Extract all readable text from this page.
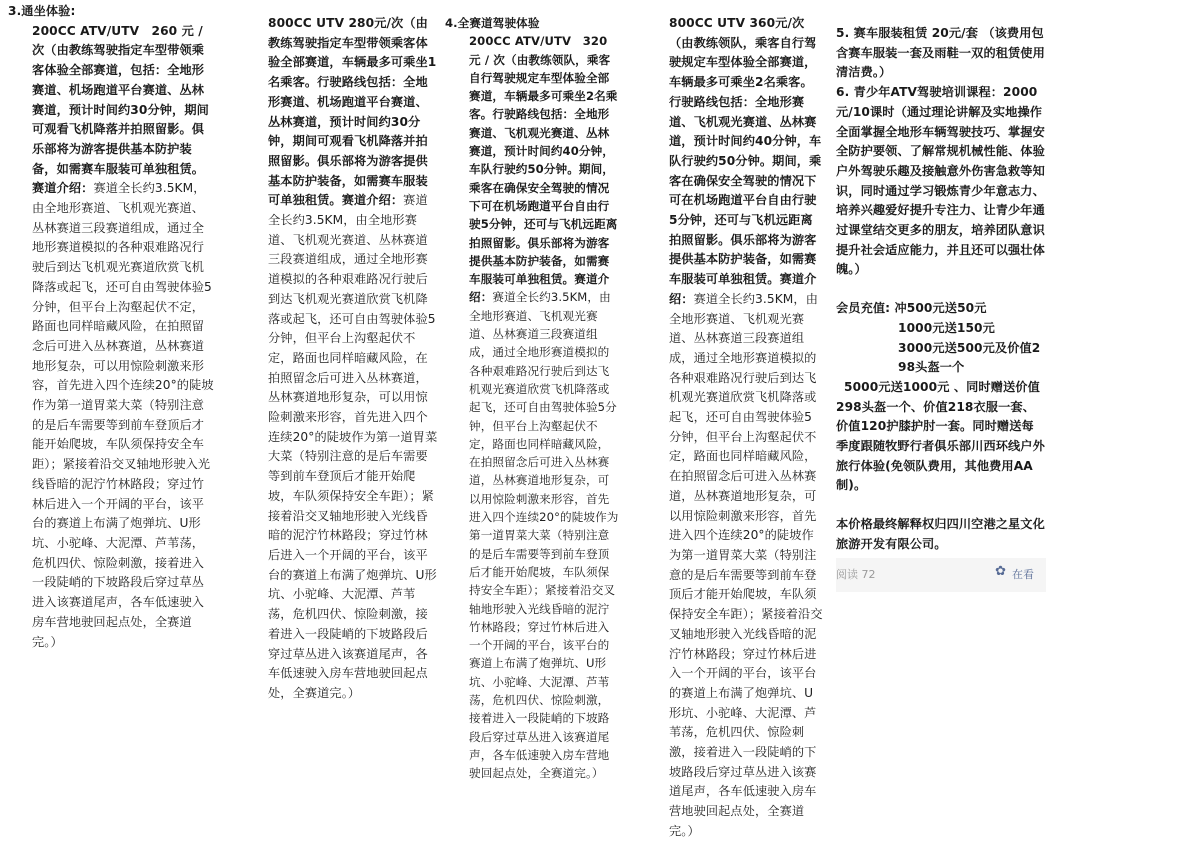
3.通坐体验:

200CC ATV/UTV　260 元 / 次（由教练驾驶指定车型带领乘客体验全部赛道，包括：全地形赛道、机场跑道平台赛道、丛林赛道，预计时间约30分钟，期间可观看飞机降落并拍照留影。俱乐部将为游客提供基本防护装备，如需赛车服装可单独租赁。赛道介绍：赛道全长约3.5KM，由全地形赛道、飞机观光赛道、丛林赛道三段赛道组成，通过全地形赛道模拟的各种艰难路况行驶后到达飞机观光赛道欣赏飞机降落或起飞，还可自由驾驶体验5分钟，但平台上沟壑起伏不定，路面也同样暗藏风险，在拍照留念后可进入丛林赛道，丛林赛道地形复杂，可以用惊险刺激来形容，首先进入四个连续20°的陡坡作为第一道胃菜大菜（特别注意的是后车需要等到前车登顶后才能开始爬坡，车队须保持安全车距）；紧接着沿交叉轴地形驶入光线昏暗的泥泞竹林路段；穿过竹林后进入一个开阔的平台，该平台的赛道上布满了炮弹坑、U形坑、小驼峰、大泥潭、芦苇荡，危机四伏、惊险刺激，接着进入一段陡峭的下坡路段后穿过草丛进入该赛道尾声，各车低速驶入房车营地驶回起点处，全赛道完。）

800CC UTV 280元/次（由教练驾驶指定车型带领乘客体验全部赛道，车辆最多可乘坐1名乘客。行驶路线包括：全地形赛道、机场跑道平台赛道、丛林赛道，预计时间约30分钟，期间可观看飞机降落并拍照留影。俱乐部将为游客提供基本防护装备，如需赛车服装可单独租赁。赛道介绍：赛道全长约3.5KM，由全地形赛道、飞机观光赛道、丛林赛道三段赛道组成，通过全地形赛道模拟的各种艰难路况行驶后到达飞机观光赛道欣赏飞机降落或起飞，还可自由驾驶体验5分钟，但平台上沟壑起伏不定，路面也同样暗藏风险，在拍照留念后可进入丛林赛道，丛林赛道地形复杂，可以用惊险刺激来形容，首先进入四个连续20°的陡坡作为第一道胃菜大菜（特别注意的是后车需要等到前车登顶后才能开始爬坡，车队须保持安全车距）；紧接着沿交叉轴地形驶入光线昏暗的泥泞竹林路段；穿过竹林后进入一个开阔的平台，该平台的赛道上布满了炮弹坑、U形坑、小驼峰、大泥潭、芦苇荡，危机四伏、惊险刺激，接着进入一段陡峭的下坡路段后穿过草丛进入该赛道尾声，各车低速驶入房车营地驶回起点处，全赛道完。）

4.全赛道驾驶体验

200CC ATV/UTV　320 元 / 次（由教练领队，乘客自行驾驶规定车型体验全部赛道，车辆最多可乘坐2名乘客。行驶路线包括：全地形赛道、飞机观光赛道、丛林赛道，预计时间约40分钟，车队行驶约50分钟。期间，乘客在确保安全驾驶的情况下可在机场跑道平台自由行驶5分钟，还可与飞机远距离拍照留影。俱乐部将为游客提供基本防护装备，如需赛车服装可单独租赁。赛道介绍：赛道全长约3.5KM，由全地形赛道、飞机观光赛道、丛林赛道三段赛道组成，通过全地形赛道模拟的各种艰难路况行驶后到达飞机观光赛道欣赏飞机降落或起飞，还可自由驾驶体验5分钟，但平台上沟壑起伏不定，路面也同样暗藏风险，在拍照留念后可进入丛林赛道，丛林赛道地形复杂，可以用惊险刺激来形容，首先进入四个连续20°的陡坡作为第一道胃菜大菜（特别注意的是后车需要等到前车登顶后才能开始爬坡，车队须保持安全车距）；紧接着沿交叉轴地形驶入光线昏暗的泥泞竹林路段；穿过竹林后进入一个开阔的平台，该平台的赛道上布满了炮弹坑、U形坑、小驼峰、大泥潭、芦苇荡，危机四伏、惊险刺激，接着进入一段陡峭的下坡路段后穿过草丛进入该赛道尾声，各车低速驶入房车营地驶回起点处，全赛道完。）

800CC UTV 360元/次（由教练领队，乘客自行驾驶规定车型体验全部赛道，车辆最多可乘坐2名乘客。行驶路线包括：全地形赛道、飞机观光赛道、丛林赛道，预计时间约40分钟，车队行驶约50分钟。期间，乘客在确保安全驾驶的情况下可在机场跑道平台自由行驶5分钟，还可与飞机远距离拍照留影。俱乐部将为游客提供基本防护装备，如需赛车服装可单独租赁。赛道介绍：赛道全长约3.5KM，由全地形赛道、飞机观光赛道、丛林赛道三段赛道组成，通过全地形赛道模拟的各种艰难路况行驶后到达飞机观光赛道欣赏飞机降落或起飞，还可自由驾驶体验5分钟，但平台上沟壑起伏不定，路面也同样暗藏风险，在拍照留念后可进入丛林赛道，丛林赛道地形复杂，可以用惊险刺激来形容，首先进入四个连续20°的陡坡作为第一道胃菜大菜（特别注意的是后车需要等到前车登顶后才能开始爬坡，车队须保持安全车距）；紧接着沿交叉轴地形驶入光线昏暗的泥泞竹林路段；穿过竹林后进入一个开阔的平台，该平台的赛道上布满了炮弹坑、U形坑、小驼峰、大泥潭、芦苇荡，危机四伏、惊险刺激，接着进入一段陡峭的下坡路段后穿过草丛进入该赛道尾声，各车低速驶入房车营地驶回起点处，全赛道完。）

5. 赛车服装租赁 20元/套 （该费用包含赛车服装一套及雨鞋一双的租赁使用清洁费。）

6. 青少年ATV驾驶培训课程：2000元/10课时（通过理论讲解及实地操作全面掌握全地形车辆驾驶技巧、掌握安全防护要领、了解常规机械性能、体验户外驾驶乐趣及接触意外伤害急救等知识，同时通过学习锻炼青少年意志力、培养兴趣爱好提升专注力、让青少年通过课堂结交更多的朋友，培养团队意识提升社会适应能力，并且还可以强壮体魄。）

会员充值: 冲500元送50元

1000元送150元

3000元送500元及价值298头盔一个

5000元送1000元 、同时赠送价值298头盔一个、价值218衣服一套、价值120护膝护肘一套。同时赠送每季度跟随牧野行者俱乐部川西环线户外旅行体验(免领队费用，其他费用AA制)。

本价格最终解释权归四川空港之星文化旅游开发有限公司。

阅读 72	✿ 在看
